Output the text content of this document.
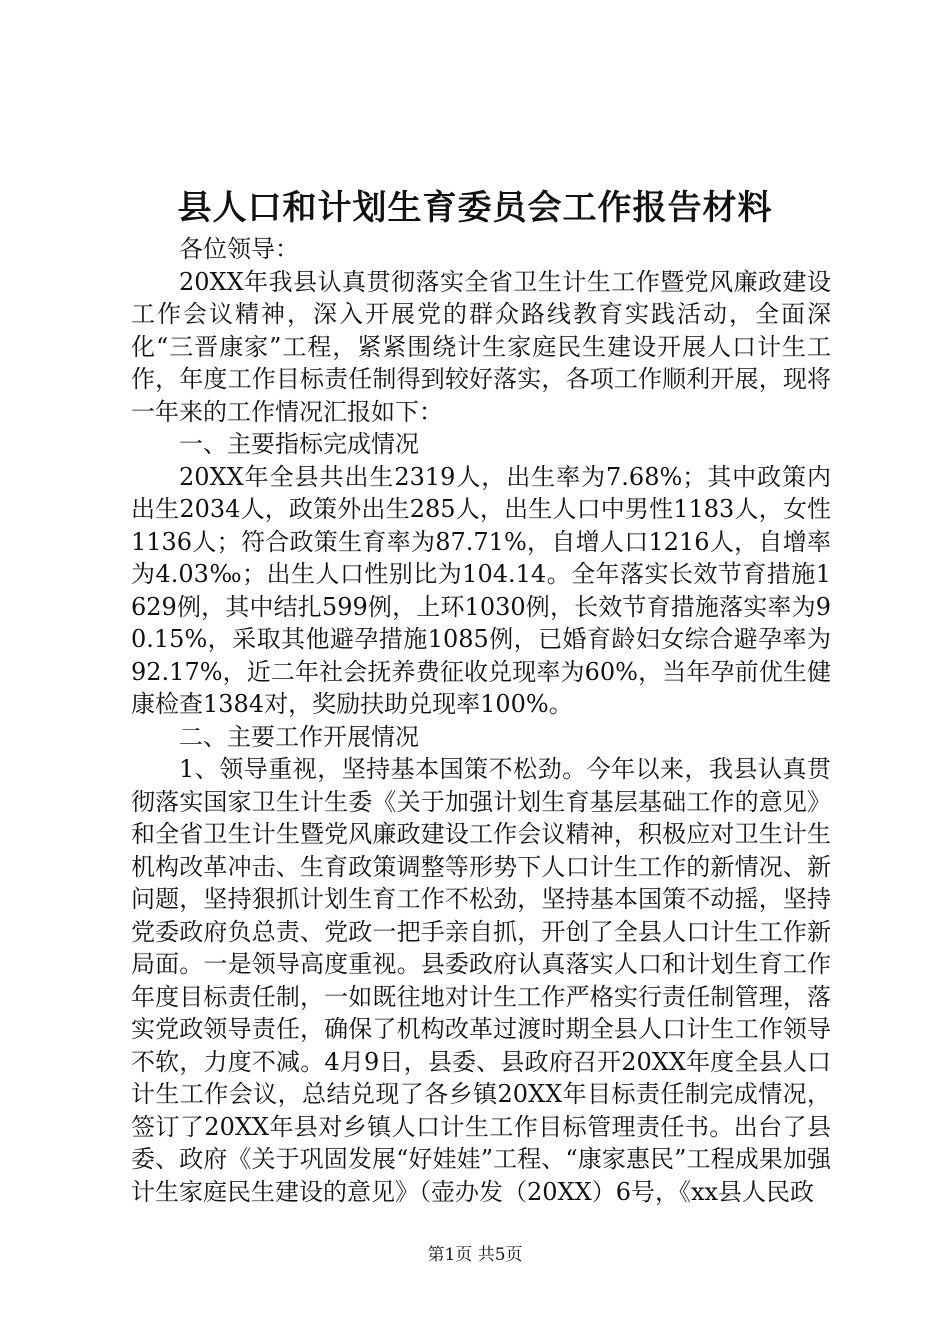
县人口和计划生育委员会工作报告材料

各位领导：

20XX年我县认真贯彻落实全省卫生计生工作暨党风廉政建设工作会议精神，深入开展党的群众路线教育实践活动，全面深化“三晋康家”工程，紧紧围绕计生家庭民生建设开展人口计生工作，年度工作目标责任制得到较好落实，各项工作顺利开展，现将一年来的工作情况汇报如下：

一、主要指标完成情况

20XX年全县共出生2319人，出生率为7.68%；其中政策内出生2034人，政策外出生285人，出生人口中男性1183人，女性1136人；符合政策生育率为87.71%，自增人口1216人，自增率为4.03‰；出生人口性别比为104.14。全年落实长效节育措施1629例，其中结扎599例，上环1030例，长效节育措施落实率为90.15%，采取其他避孕措施1085例，已婚育龄妇女综合避孕率为92.17%，近二年社会抚养费征收兑现率为60%，当年孕前优生健康检查1384对，奖励扶助兑现率100%。

二、主要工作开展情况

1、领导重视，坚持基本国策不松劲。今年以来，我县认真贯彻落实国家卫生计生委《关于加强计划生育基层基础工作的意见》和全省卫生计生暨党风廉政建设工作会议精神，积极应对卫生计生机构改革冲击、生育政策调整等形势下人口计生工作的新情况、新问题，坚持狠抓计划生育工作不松劲，坚持基本国策不动摇，坚持党委政府负总责、党政一把手亲自抓，开创了全县人口计生工作新局面。一是领导高度重视。县委政府认真落实人口和计划生育工作年度目标责任制，一如既往地对计生工作严格实行责任制管理，落实党政领导责任，确保了机构改革过渡时期全县人口计生工作领导不软，力度不减。4月9日，县委、县政府召开20XX年度全县人口计生工作会议，总结兑现了各乡镇20XX年目标责任制完成情况，签订了20XX年县对乡镇人口计生工作目标管理责任书。出台了县委、政府《关于巩固发展“好娃娃”工程、“康家惠民”工程成果加强计生家庭民生建设的意见》（壶办发（20XX）6号，《xx县人民政

第1页 共5页
